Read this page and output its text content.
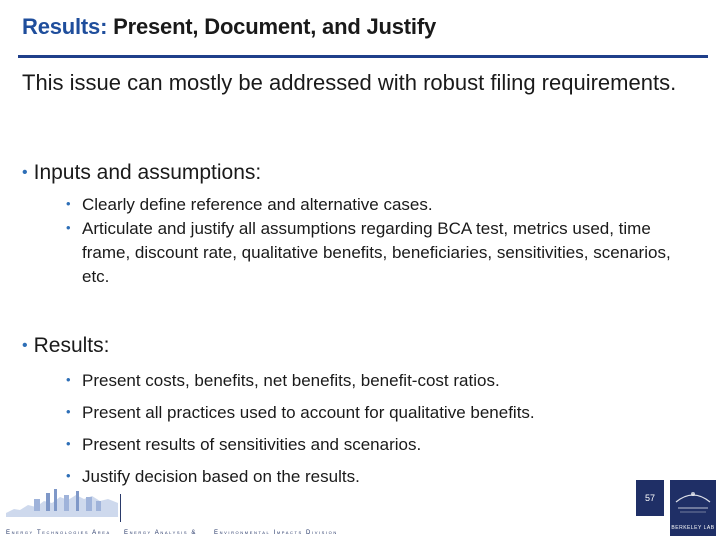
Results: Present, Document, and Justify
This issue can mostly be addressed with robust filing requirements.
• Inputs and assumptions:
• Clearly define reference and alternative cases.
• Articulate and justify all assumptions regarding BCA test, metrics used, time frame, discount rate, qualitative benefits, beneficiaries, sensitivities, scenarios, etc.
• Results:
• Present costs, benefits, net benefits, benefit-cost ratios.
• Present all practices used to account for qualitative benefits.
• Present results of sensitivities and scenarios.
• Justify decision based on the results.
Energy Technologies Area Energy Analysis &	Environmental Impacts Division
57
BERKELEY LAB
